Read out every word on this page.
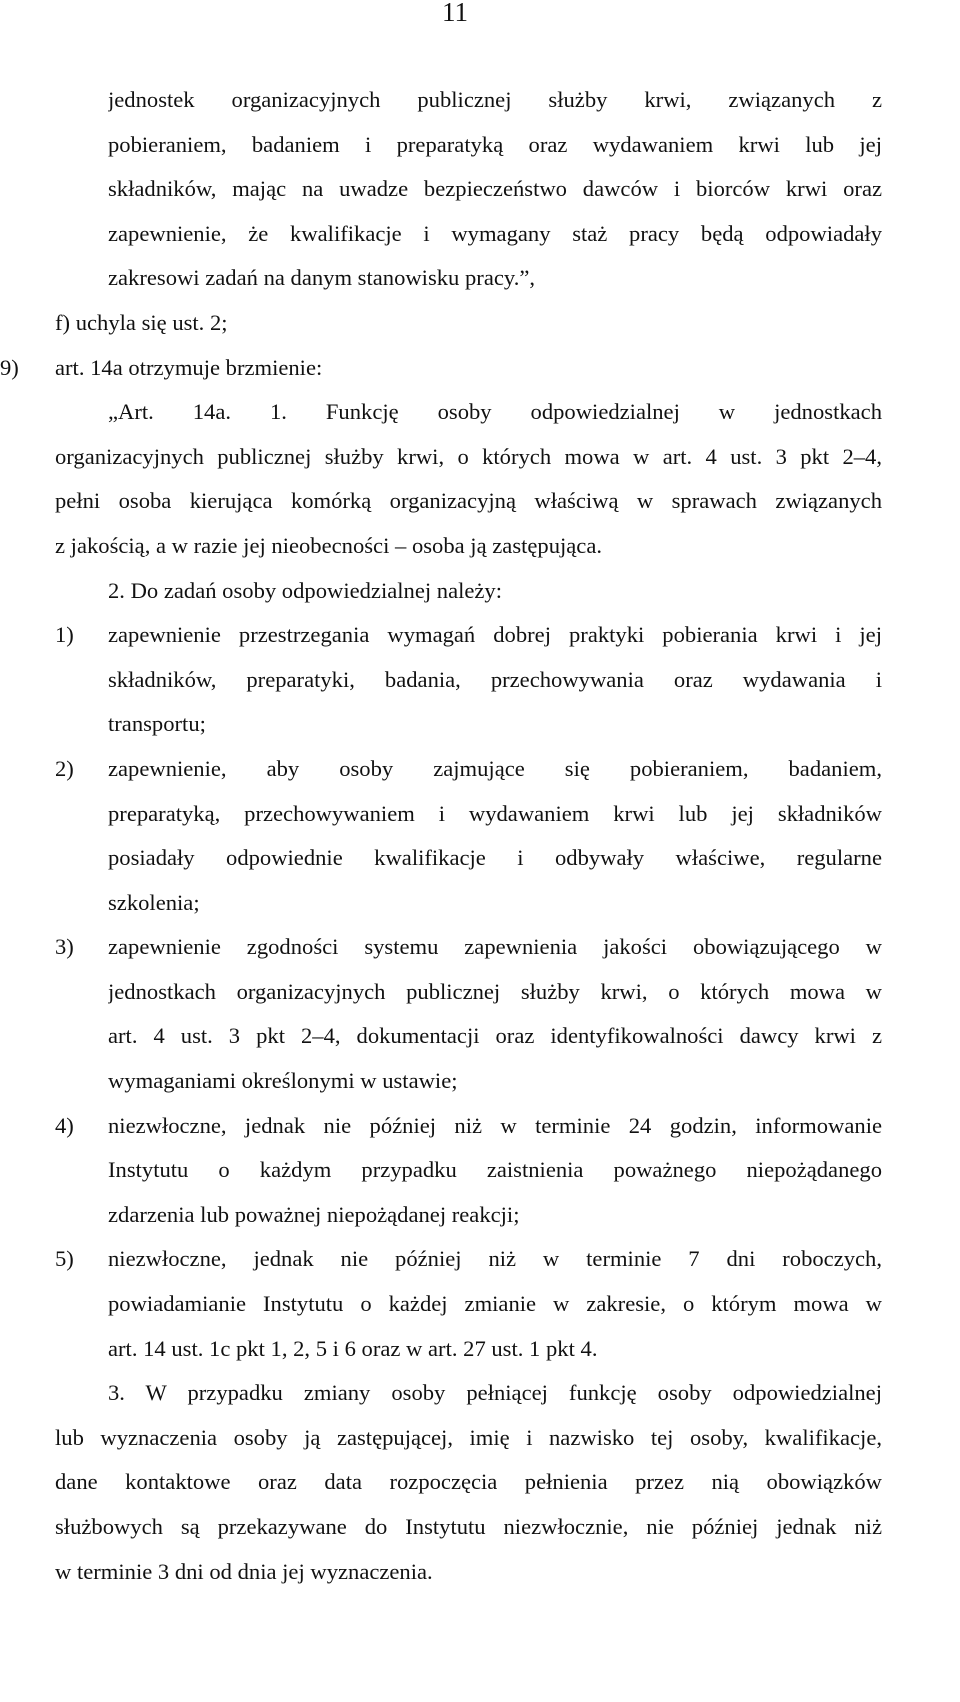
11
jednostek organizacyjnych publicznej służby krwi, związanych z
pobieraniem, badaniem i preparatyką oraz wydawaniem krwi lub jej
składników, mając na uwadze bezpieczeństwo dawców i biorców krwi oraz
zapewnienie, że kwalifikacje i wymagany staż pracy będą odpowiadały
zakresowi zadań na danym stanowisku pracy.”,
f) uchyla się ust. 2;
9) art. 14a otrzymuje brzmienie:
„Art. 14a. 1. Funkcję osoby odpowiedzialnej w jednostkach
organizacyjnych publicznej służby krwi, o których mowa w art. 4 ust. 3 pkt 2–4,
pełni osoba kierująca komórką organizacyjną właściwą w sprawach związanych
z jakością, a w razie jej nieobecności – osoba ją zastępująca.
2. Do zadań osoby odpowiedzialnej należy:
1) zapewnienie przestrzegania wymagań dobrej praktyki pobierania krwi i jej
składników, preparatyki, badania, przechowywania oraz wydawania i
transportu;
2) zapewnienie, aby osoby zajmujące się pobieraniem, badaniem,
preparatyką, przechowywaniem i wydawaniem krwi lub jej składników
posiadały odpowiednie kwalifikacje i odbywały właściwe, regularne
szkolenia;
3) zapewnienie zgodności systemu zapewnienia jakości obowiązującego w
jednostkach organizacyjnych publicznej służby krwi, o których mowa w
art. 4 ust. 3 pkt 2–4, dokumentacji oraz identyfikowalności dawcy krwi z
wymaganiami określonymi w ustawie;
4) niezwłoczne, jednak nie później niż w terminie 24 godzin, informowanie
Instytutu o każdym przypadku zaistnienia poważnego niepożądanego
zdarzenia lub poważnej niepożądanej reakcji;
5) niezwłoczne, jednak nie później niż w terminie 7 dni roboczych,
powiadamianie Instytutu o każdej zmianie w zakresie, o którym mowa w
art. 14 ust. 1c pkt 1, 2, 5 i 6 oraz w art. 27 ust. 1 pkt 4.
3. W przypadku zmiany osoby pełniącej funkcję osoby odpowiedzialnej
lub wyznaczenia osoby ją zastępującej, imię i nazwisko tej osoby, kwalifikacje,
dane kontaktowe oraz data rozpoczęcia pełnienia przez nią obowiązków
służbowych są przekazywane do Instytutu niezwłocznie, nie później jednak niż
w terminie 3 dni od dnia jej wyznaczenia.
